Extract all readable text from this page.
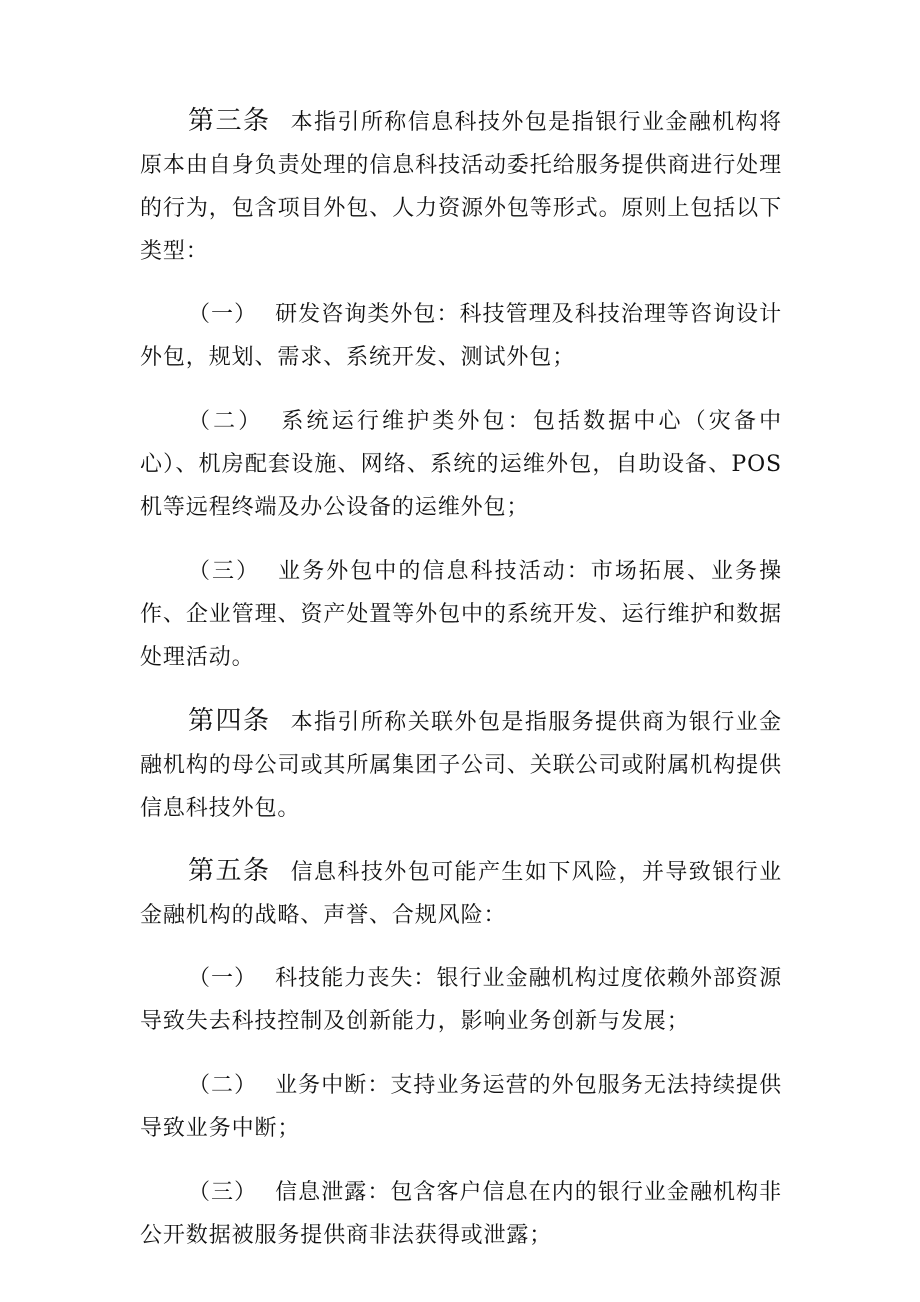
第三条 本指引所称信息科技外包是指银行业金融机构将原本由自身负责处理的信息科技活动委托给服务提供商进行处理的行为，包含项目外包、人力资源外包等形式。原则上包括以下类型：

（一） 研发咨询类外包：科技管理及科技治理等咨询设计外包，规划、需求、系统开发、测试外包；

（二） 系统运行维护类外包：包括数据中心（灾备中心）、机房配套设施、网络、系统的运维外包，自助设备、POS机等远程终端及办公设备的运维外包；

（三） 业务外包中的信息科技活动：市场拓展、业务操作、企业管理、资产处置等外包中的系统开发、运行维护和数据处理活动。

第四条 本指引所称关联外包是指服务提供商为银行业金融机构的母公司或其所属集团子公司、关联公司或附属机构提供信息科技外包。

第五条 信息科技外包可能产生如下风险，并导致银行业金融机构的战略、声誉、合规风险：

（一） 科技能力丧失：银行业金融机构过度依赖外部资源导致失去科技控制及创新能力，影响业务创新与发展；

（二） 业务中断：支持业务运营的外包服务无法持续提供导致业务中断；

（三） 信息泄露：包含客户信息在内的银行业金融机构非公开数据被服务提供商非法获得或泄露；
